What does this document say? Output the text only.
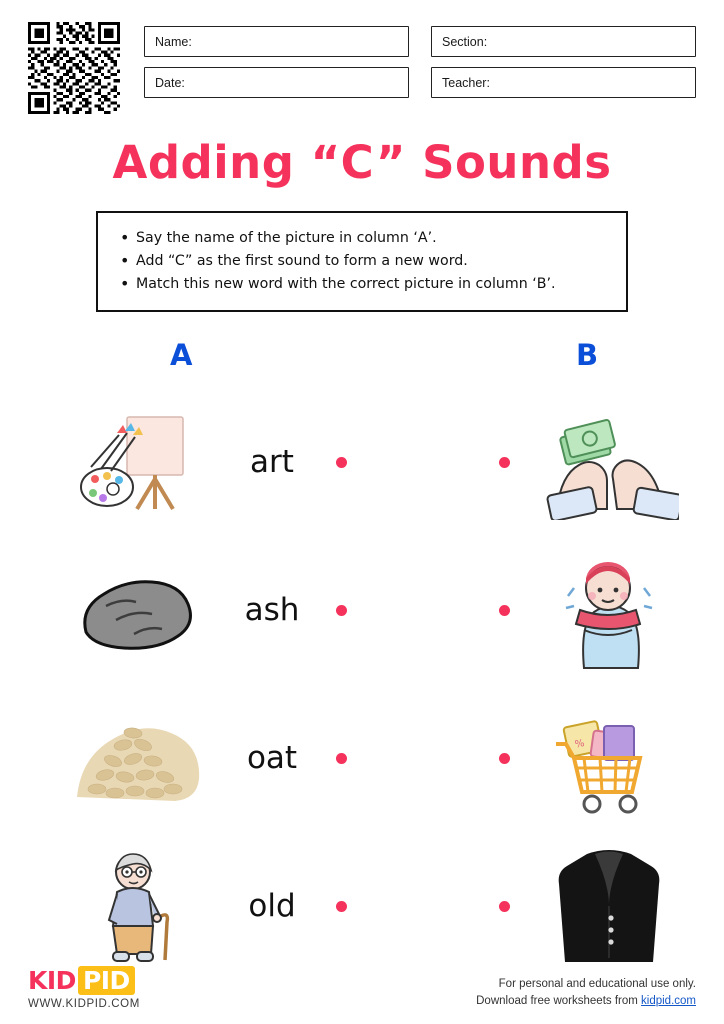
Name:	Section:
Date:	Teacher:
Adding “C” Sounds
• Say the name of the picture in column ‘A’.
• Add “C” as the first sound to form a new word.
• Match this new word with the correct picture in column ‘B’.
A	B
art
ash
oat	%
old
KID PID
WWW.KIDPID.COM
For personal and educational use only.
Download free worksheets from kidpid.com
